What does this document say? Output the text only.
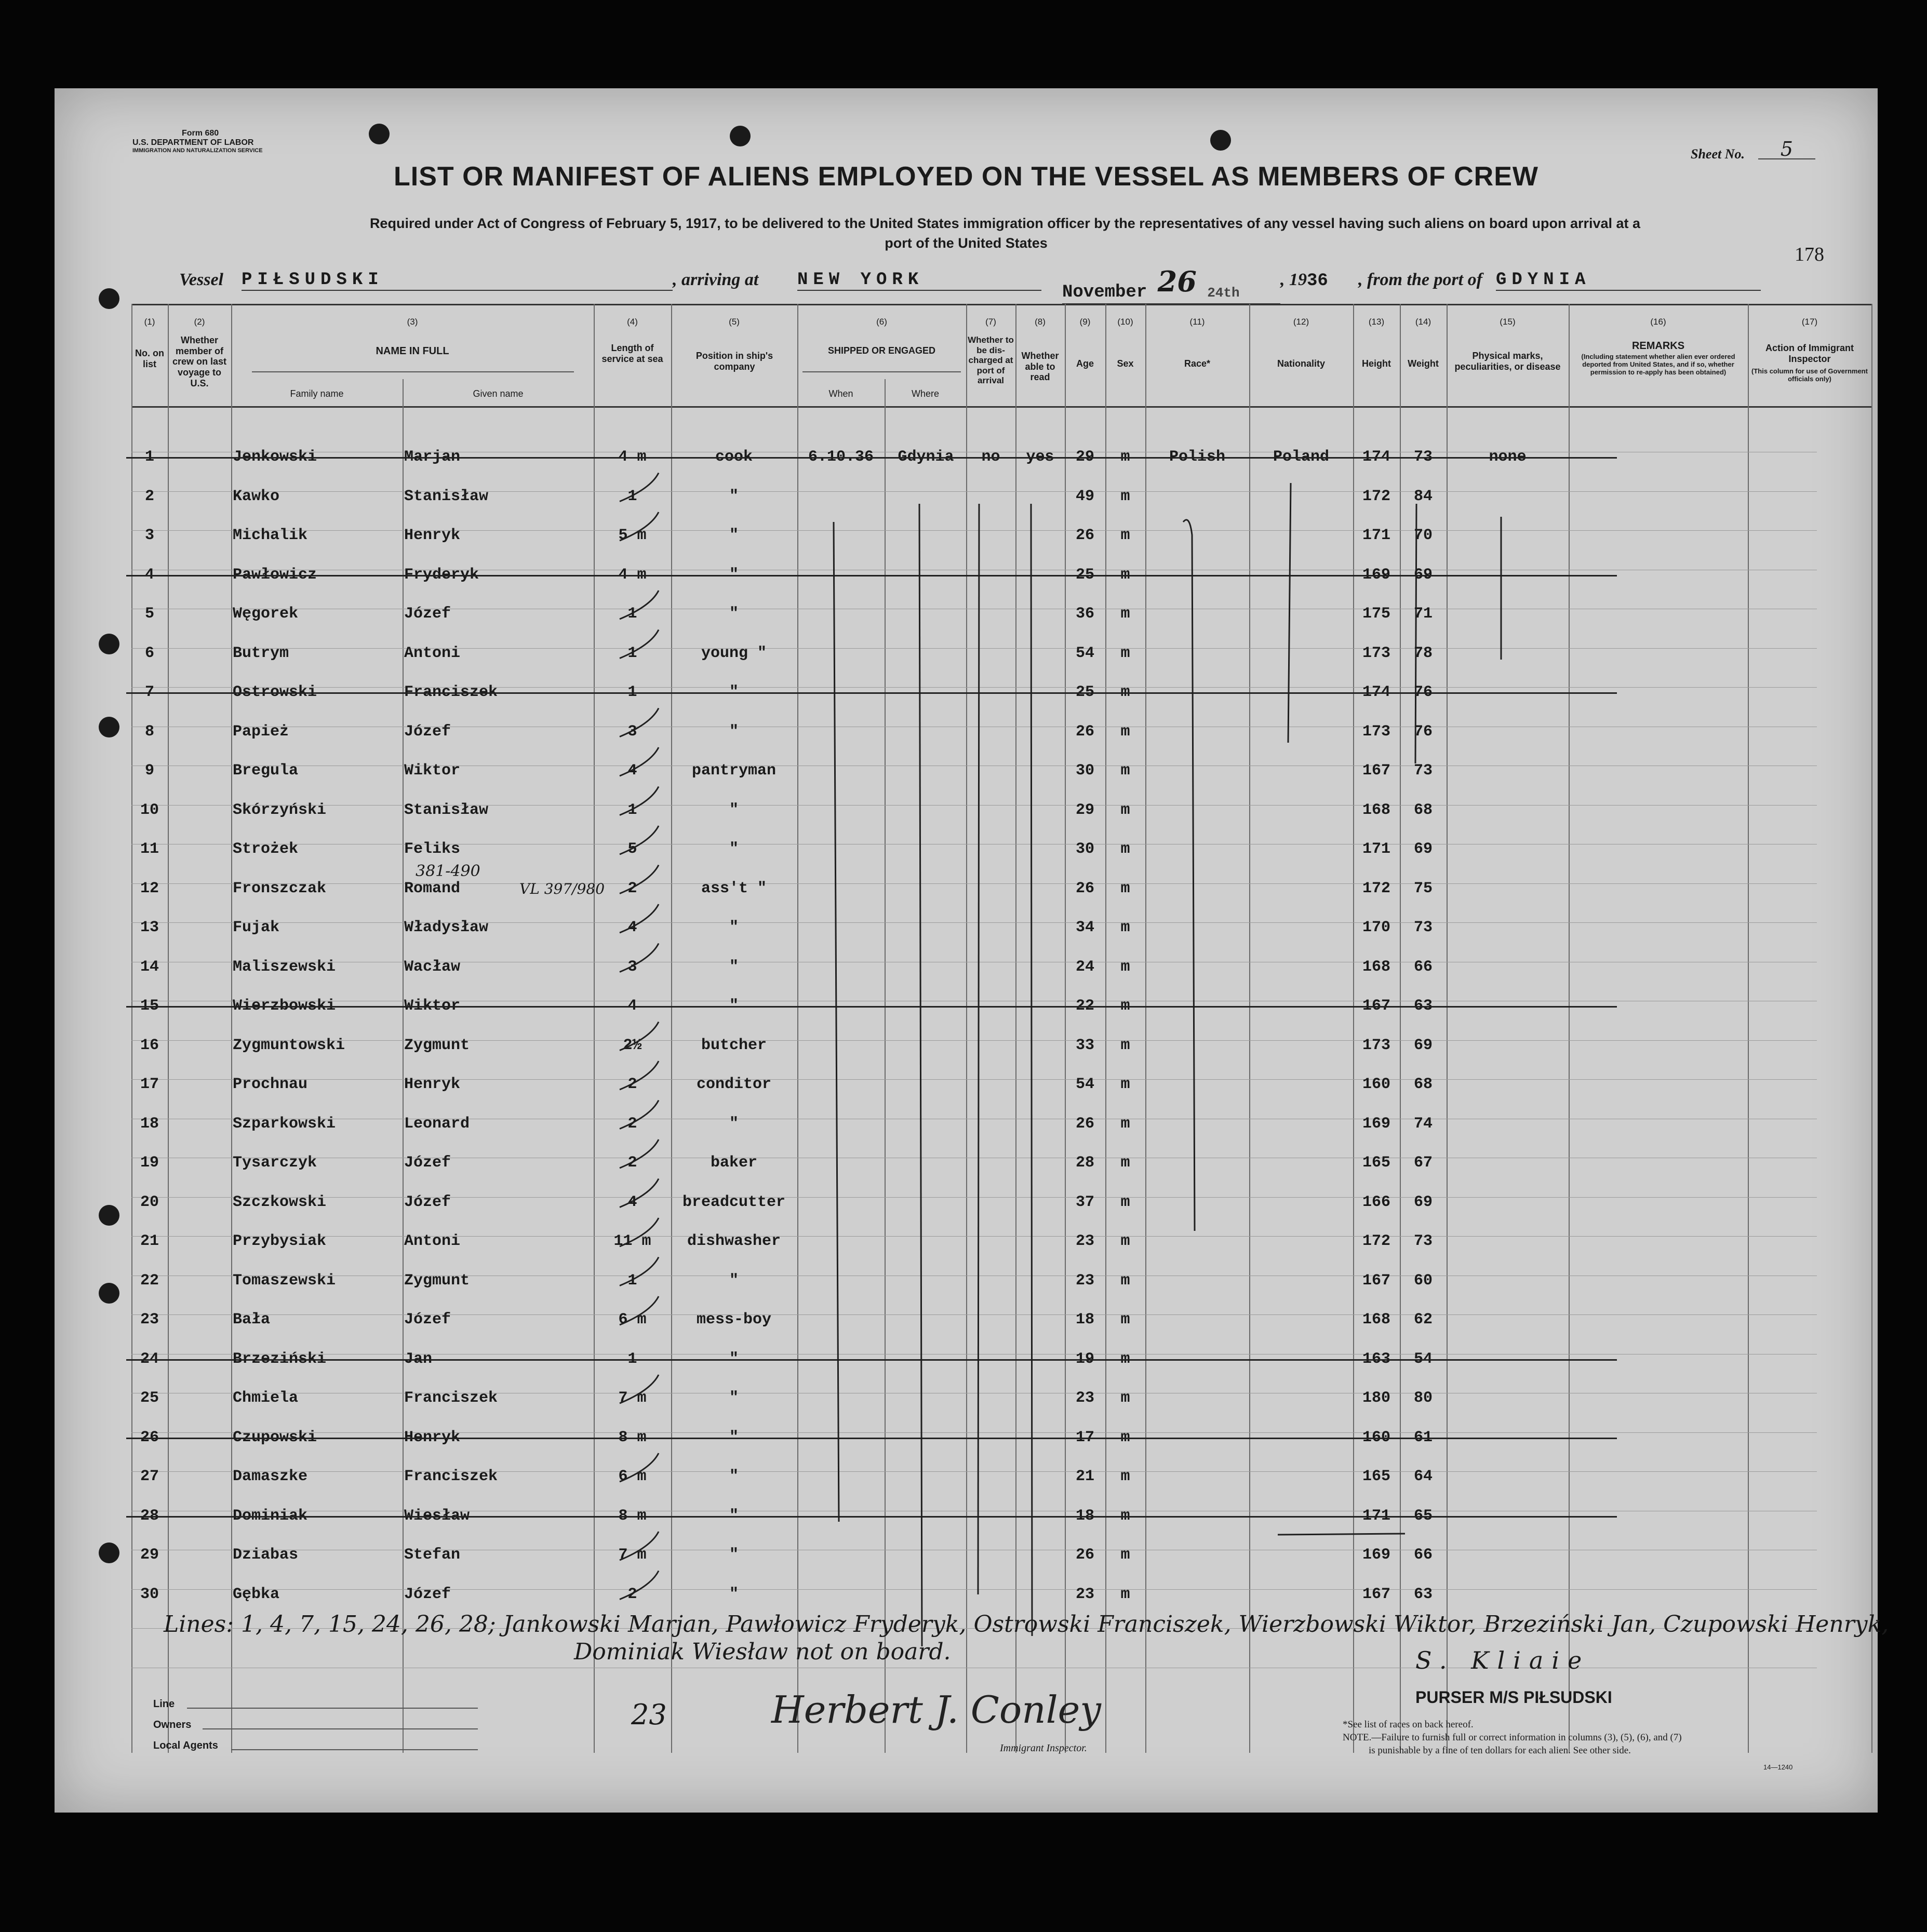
Form 680
U.S. DEPARTMENT OF LABOR
IMMIGRATION AND NATURALIZATION SERVICE	Sheet No.	5
LIST OR MANIFEST OF ALIENS EMPLOYED ON THE VESSEL AS MEMBERS OF CREW
Required under Act of Congress of February 5, 1917, to be delivered to the United States immigration officer by the representatives of any vessel having such aliens on board upon arrival at a
port of the United States
178
Vessel PIŁSUDSKI	, arriving at NEW YORK
November 26 24th
, 1936 , from the port of GDYNIA
(1)	(2)	(3)	(4)	(5)	(6)	(7)	(8)	(9)	(10)	(11)	(12)	(13)	(14)	(15)	(16)	(17)
No. on list
Whether member of crew on last voyage to U.S.
NAME IN FULL
Family name	Given name
Length of service at sea	Position in ship's company
SHIPPED OR ENGAGED
When	Where
Whether to be dis-charged at port of arrival
Whether able to read
Age	Sex	Race*	Nationality	Height	Weight
Physical marks, peculiarities, or disease
REMARKS
(Including statement whether alien ever ordered deported from United States, and if so, whether permission to re-apply has been obtained)
Action of Immigrant Inspector
(This column for use of Government officials only)
1	Jenkowski	Marjan	4 m	cook	6.10.36	Gdynia	no	yes	29	m	Polish	Poland	174	73	none
2	Kawko	Stanisław	1	"	49	m	172	84
3	Michalik	Henryk	5 m	"	26	m	171	70
4	Pawłowicz	Fryderyk	4 m	"	25	m	169	69
5	Węgorek	Józef	1	"	36	m	175	71
6	Butrym	Antoni	1	young "	54	m	173	78
7	Ostrowski	Franciszek	1	"	25	m	174	76
8	Papież	Józef	3	"	26	m	173	76
9	Bregula	Wiktor	4	pantryman	30	m	167	73
10	Skórzyński	Stanisław	1	"	29	m	168	68
11	Strożek	Feliks	5	"	30	m	171	69
12	Fronszczak	Romand	2	ass't "	26	m	172	75
13	Fujak	Władysław	4	"	34	m	170	73
14	Maliszewski	Wacław	3	"	24	m	168	66
15	Wierzbowski	Wiktor	4	"	22	m	167	63
16	Zygmuntowski	Zygmunt	2½	butcher	33	m	173	69
17	Prochnau	Henryk	2	conditor	54	m	160	68
18	Szparkowski	Leonard	2	"	26	m	169	74
19	Tysarczyk	Józef	2	baker	28	m	165	67
20	Szczkowski	Józef	4	breadcutter	37	m	166	69
21	Przybysiak	Antoni	11 m	dishwasher	23	m	172	73
22	Tomaszewski	Zygmunt	1	"	23	m	167	60
23	Bała	Józef	6 m	mess-boy	18	m	168	62
24	Brzeziński	Jan	1	"	19	m	163	54
25	Chmiela	Franciszek	7 m	"	23	m	180	80
26	Czupowski	Henryk	8 m	"	17	m	160	61
27	Damaszke	Franciszek	6 m	"	21	m	165	64
28	Dominiak	Wiesław	8 m	"	18	m	171	65
29	Dziabas	Stefan	7 m	"	26	m	169	66
30	Gębka	Józef	2	"	23	m	167	63
381-490
VL 397/980
Lines: 1, 4, 7, 15, 24, 26, 28; Jankowski Marjan, Pawłowicz Fryderyk, Ostrowski Franciszek, Wierzbowski Wiktor, Brzeziński Jan, Czupowski Henryk,
Dominiak Wiesław not on board.
Line
Owners
Local Agents
23	Herbert J. Conley
Immigrant Inspector.
S. Kliaie
PURSER M/S PIŁSUDSKI
*See list of races on back hereof.
NOTE.—Failure to furnish full or correct information in columns (3), (5), (6), and (7)
is punishable by a fine of ten dollars for each alien. See other side.
14—1240
